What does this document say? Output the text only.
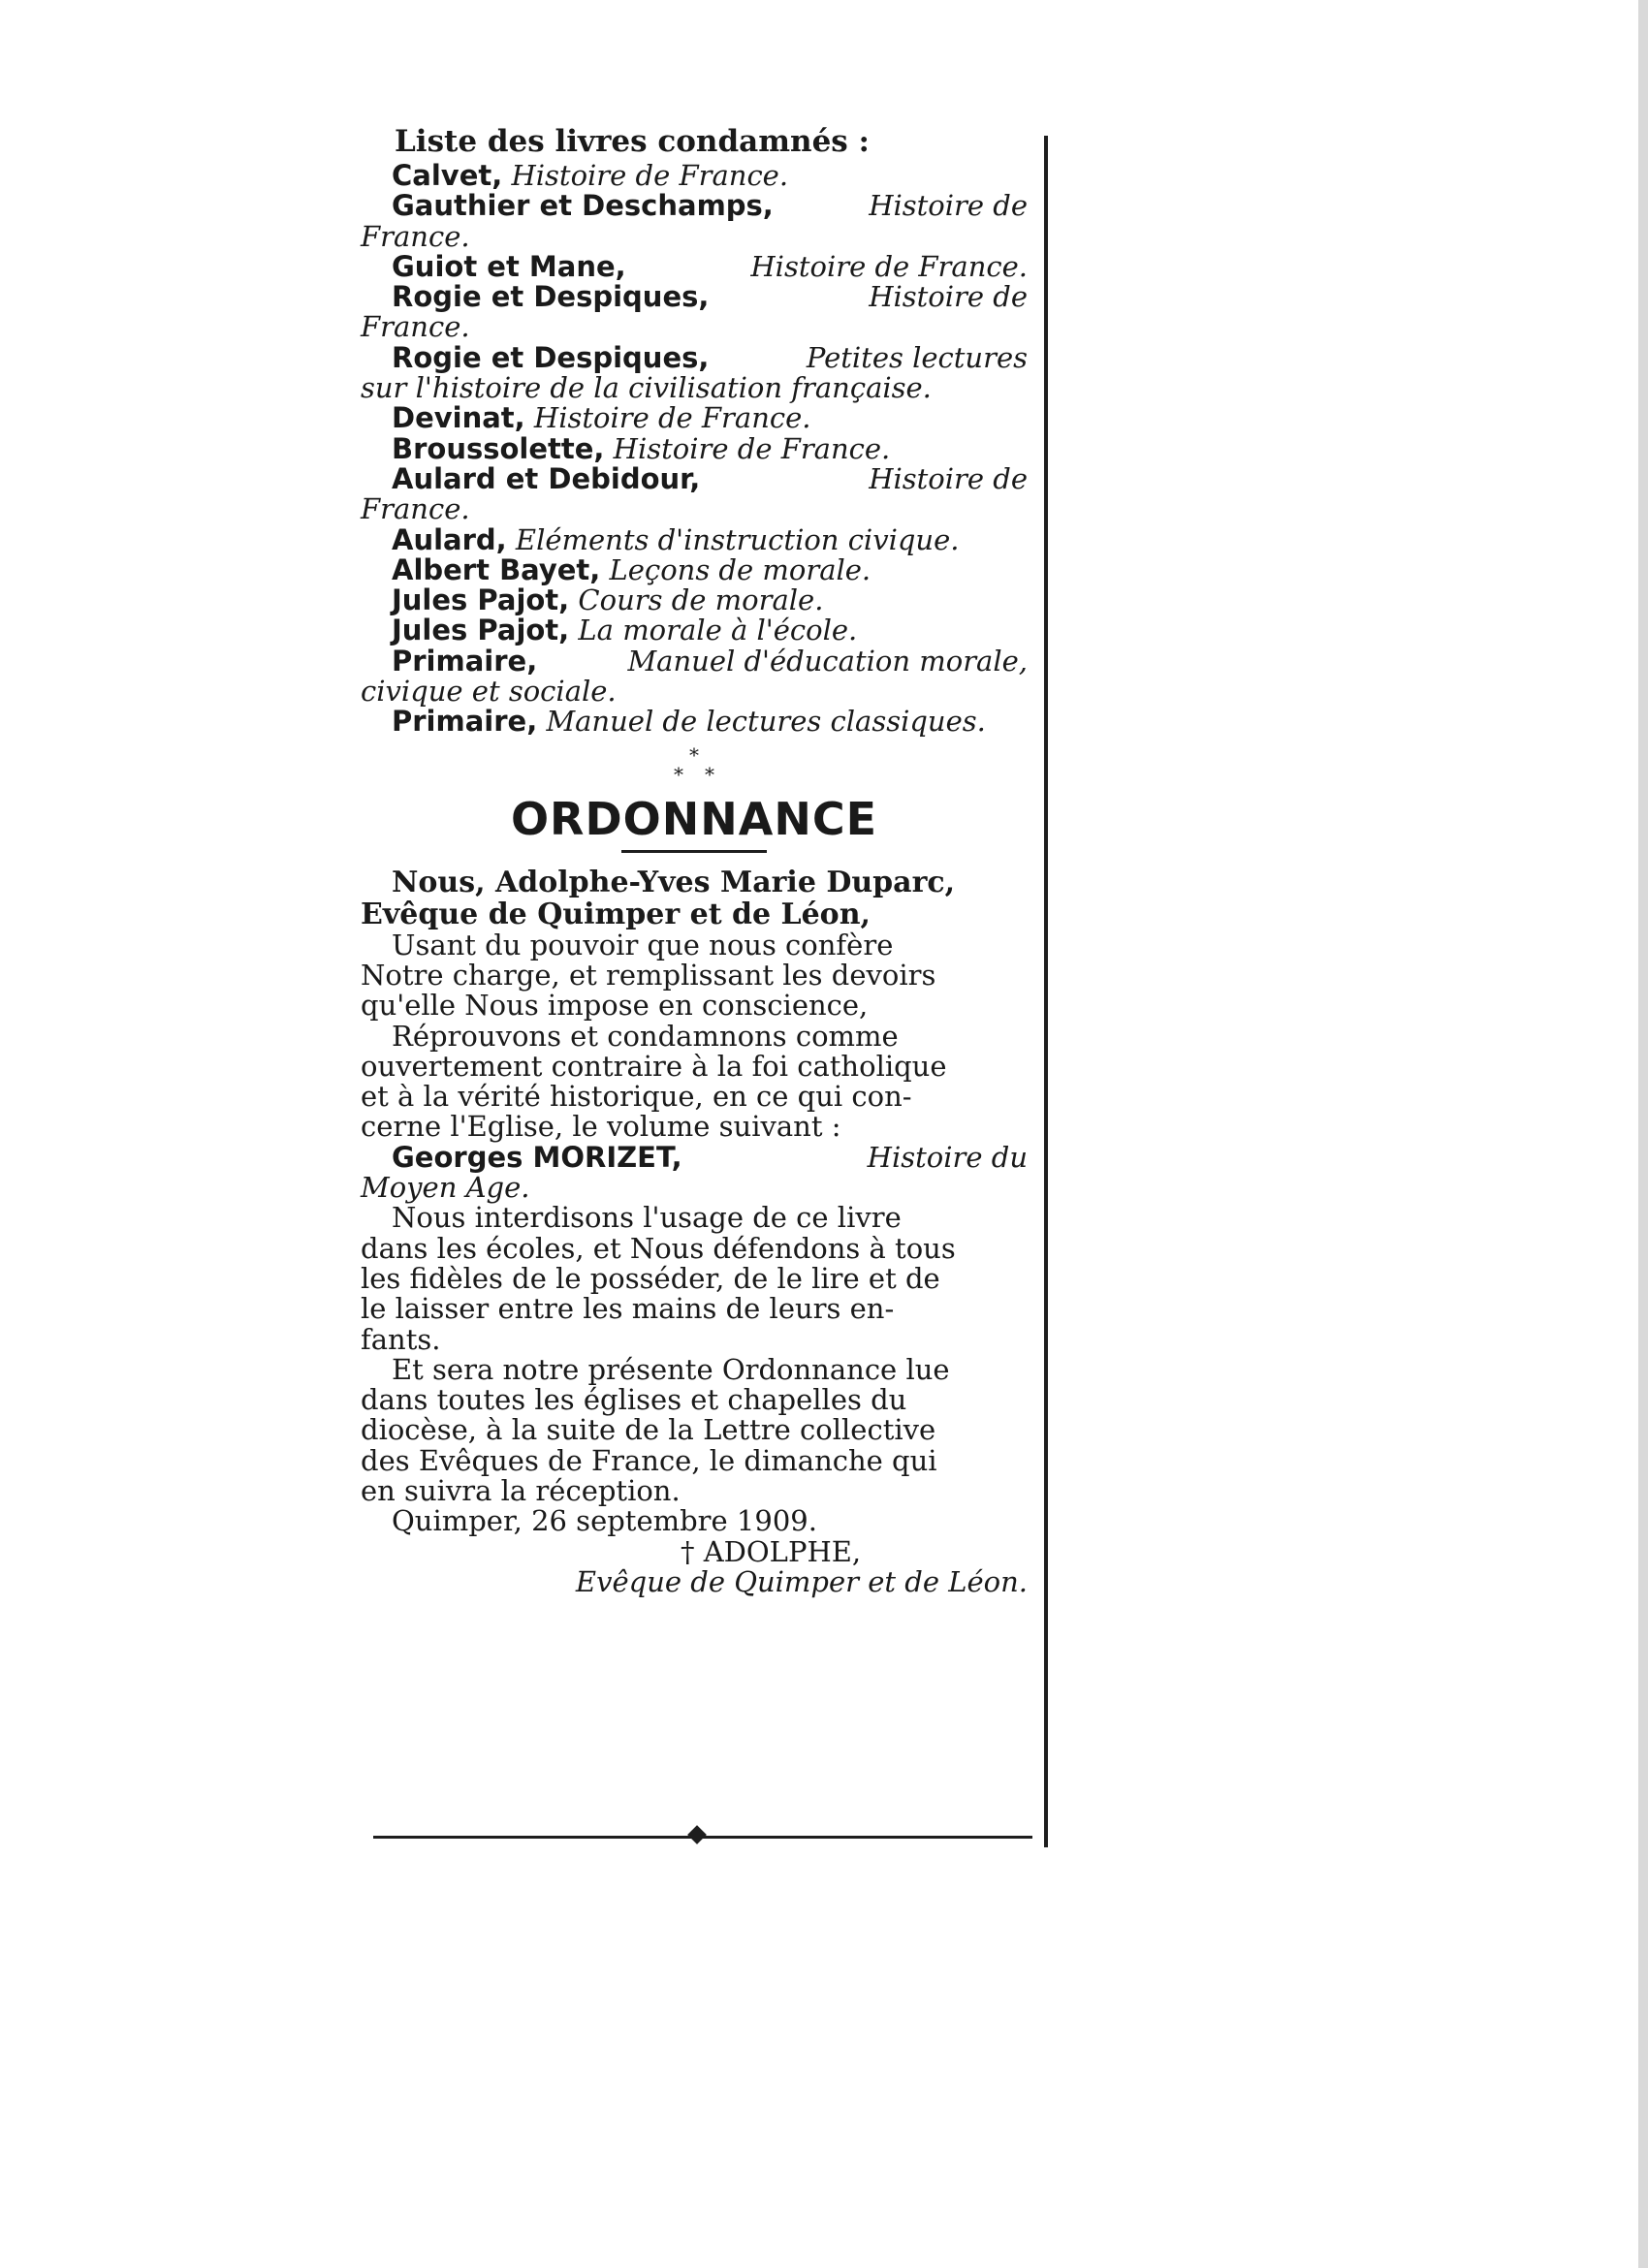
Liste des livres condamnés :
Calvet, Histoire de France.
Gauthier et Deschamps,	Histoire de
France.
Guiot et Mane,	Histoire de France.
Rogie et Despiques,	Histoire de
France.
Rogie et Despiques,	Petites lectures
sur l'histoire de la civilisation française.
Devinat, Histoire de France.
Broussolette, Histoire de France.
Aulard et Debidour,	Histoire de
France.
Aulard, Eléments d'instruction civique.
Albert Bayet, Leçons de morale.
Jules Pajot, Cours de morale.
Jules Pajot, La morale à l'école.
Primaire,	Manuel d'éducation morale,
civique et sociale.
Primaire, Manuel de lectures classiques.
*
**
ORDONNANCE
Nous, Adolphe-Yves Marie Duparc,
Evêque de Quimper et de Léon,
Usant du pouvoir que nous confère
Notre charge, et remplissant les devoirs
qu'elle Nous impose en conscience,
Réprouvons et condamnons comme
ouvertement contraire à la foi catholique
et à la vérité historique, en ce qui con-
cerne l'Eglise, le volume suivant :
Georges MORIZET,	Histoire du
Moyen Age.
Nous interdisons l'usage de ce livre
dans les écoles, et Nous défendons à tous
les fidèles de le posséder, de le lire et de
le laisser entre les mains de leurs en-
fants.
Et sera notre présente Ordonnance lue
dans toutes les églises et chapelles du
diocèse, à la suite de la Lettre collective
des Evêques de France, le dimanche qui
en suivra la réception.
Quimper, 26 septembre 1909.
† ADOLPHE,
Evêque de Quimper et de Léon.
